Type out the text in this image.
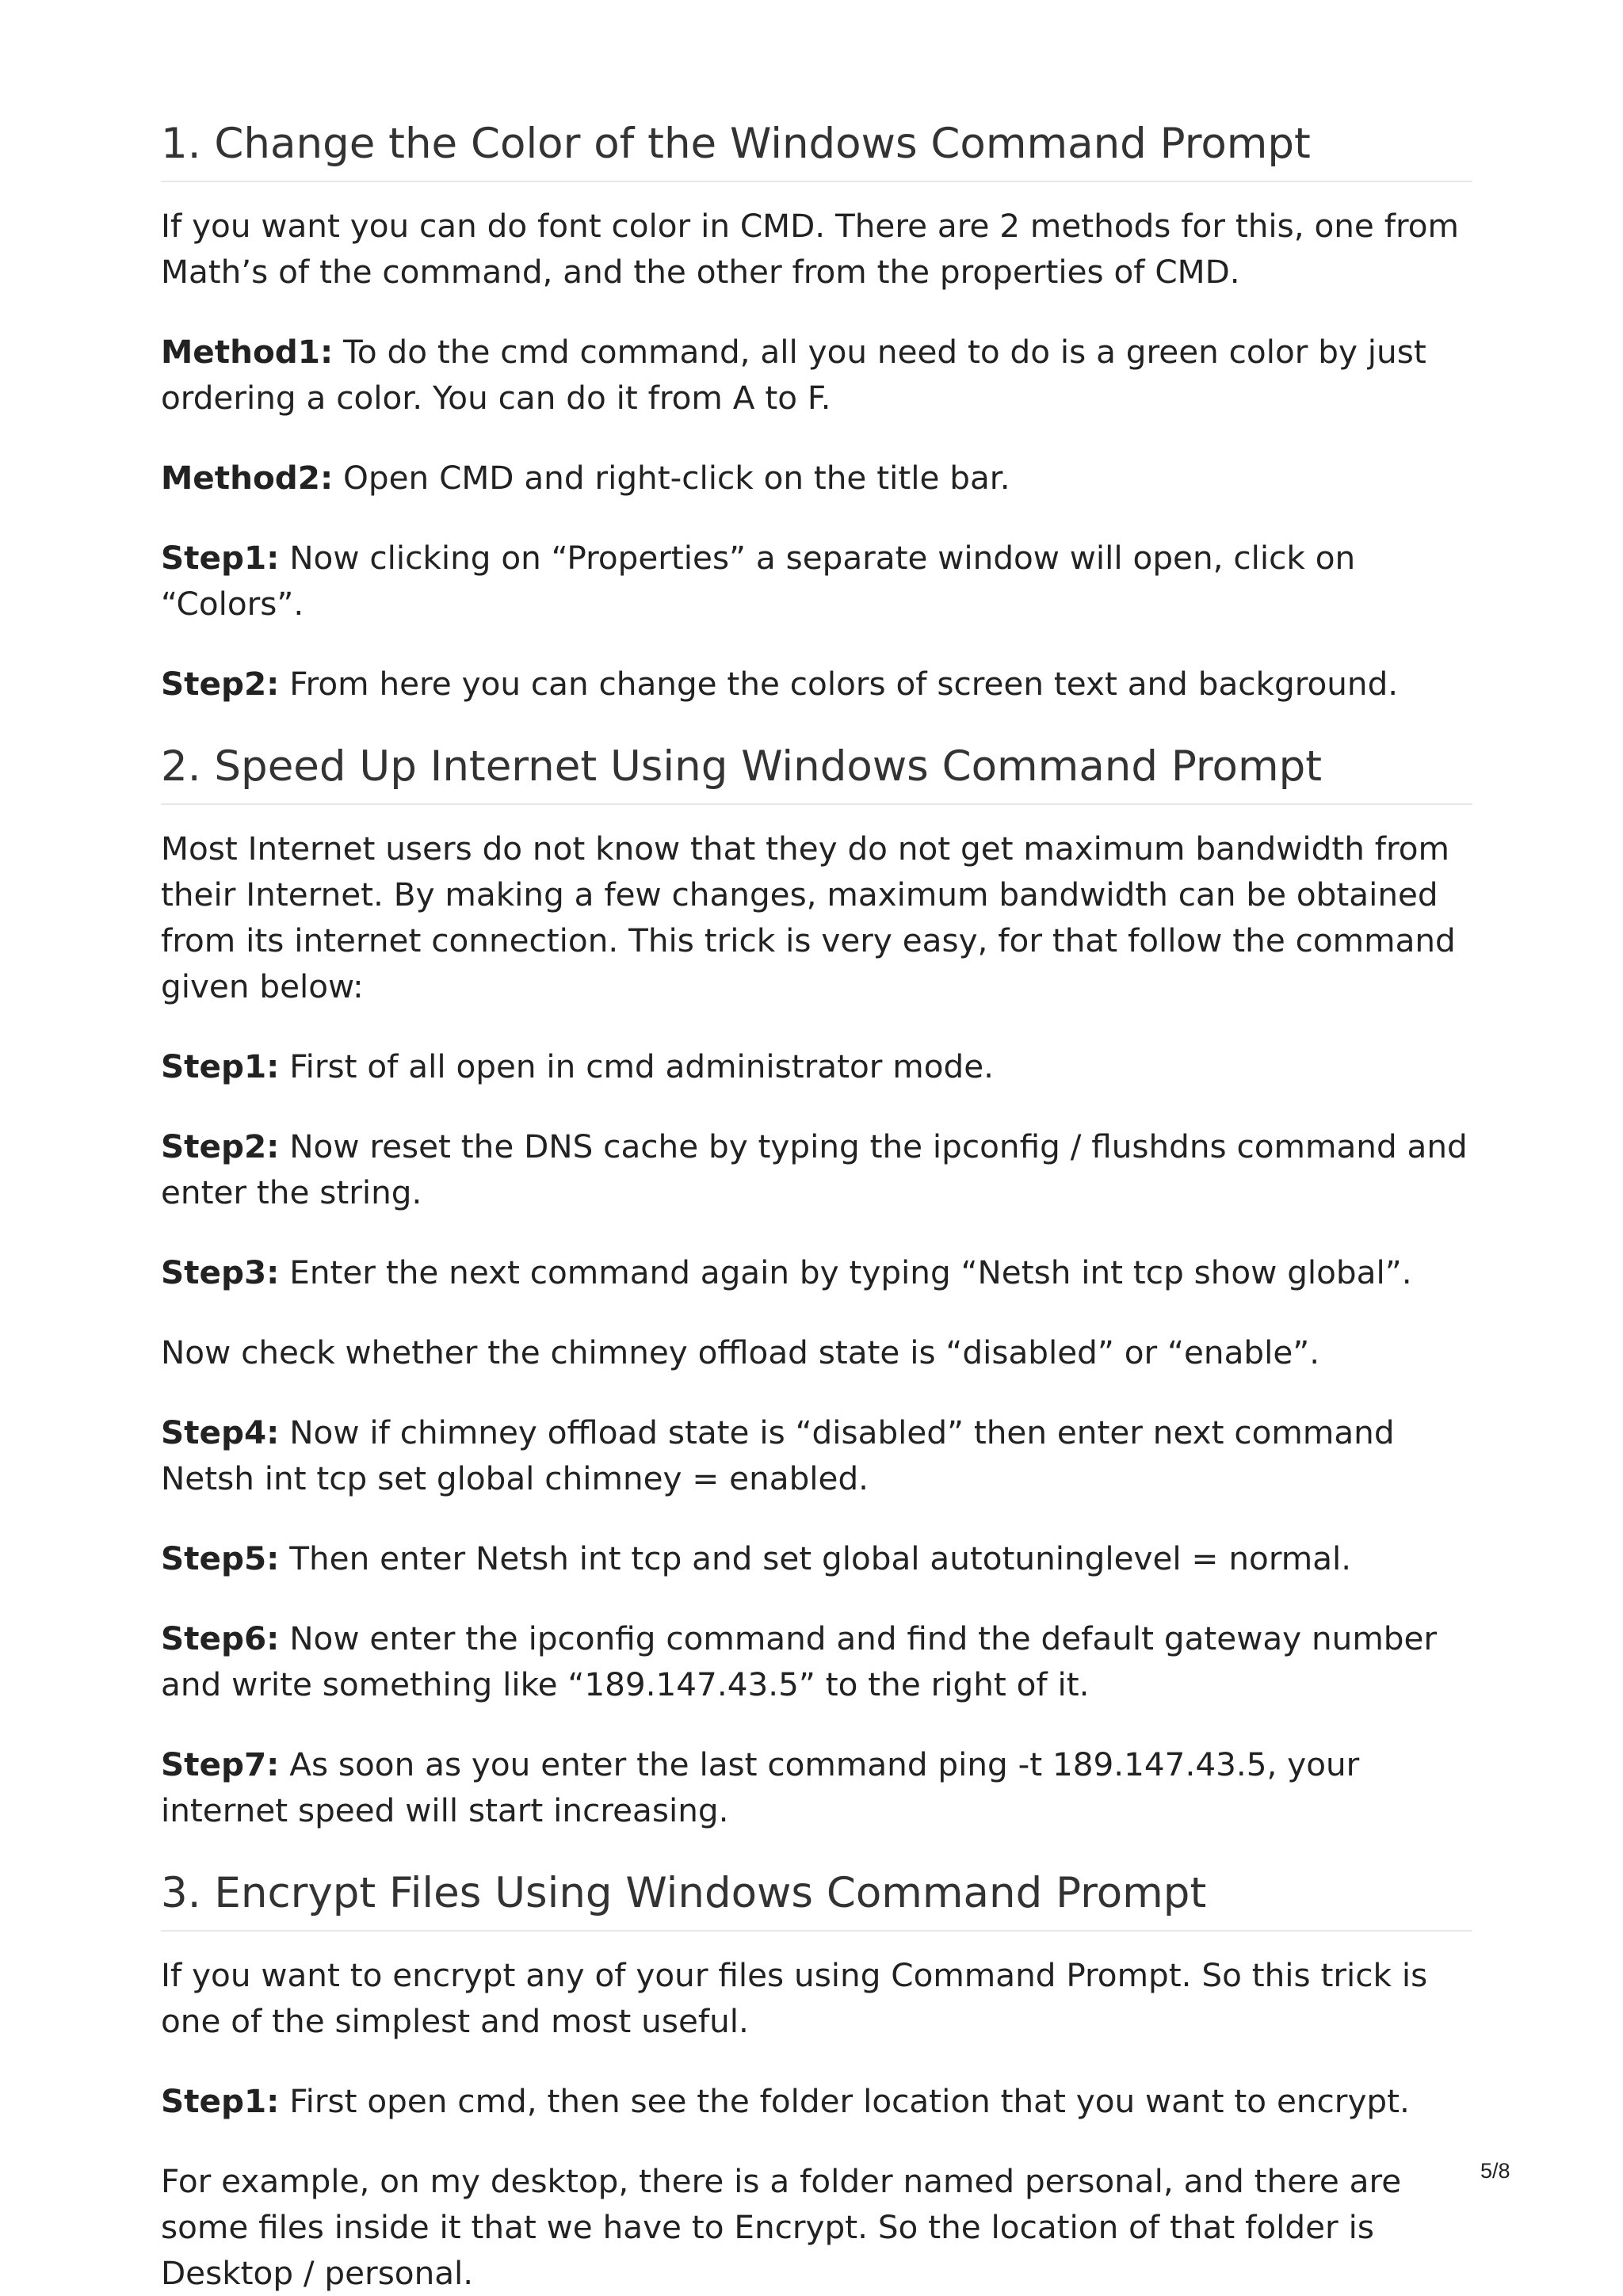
1. Change the Color of the Windows Command Prompt

If you want you can do font color in CMD. There are 2 methods for this, one from Math’s of the command, and the other from the properties of CMD.

Method1: To do the cmd command, all you need to do is a green color by just ordering a color. You can do it from A to F.

Method2: Open CMD and right-click on the title bar.

Step1: Now clicking on “Properties” a separate window will open, click on “Colors”.

Step2: From here you can change the colors of screen text and background.

2. Speed Up Internet Using Windows Command Prompt

Most Internet users do not know that they do not get maximum bandwidth from their Internet. By making a few changes, maximum bandwidth can be obtained from its internet connection. This trick is very easy, for that follow the command given below:

Step1: First of all open in cmd administrator mode.

Step2: Now reset the DNS cache by typing the ipconfig / flushdns command and enter the string.

Step3: Enter the next command again by typing “Netsh int tcp show global”.

Now check whether the chimney offload state is “disabled” or “enable”.

Step4: Now if chimney offload state is “disabled” then enter next command Netsh int tcp set global chimney = enabled.

Step5: Then enter Netsh int tcp and set global autotuninglevel = normal.

Step6: Now enter the ipconfig command and find the default gateway number and write something like “189.147.43.5” to the right of it.

Step7: As soon as you enter the last command ping -t 189.147.43.5, your internet speed will start increasing.

3. Encrypt Files Using Windows Command Prompt

If you want to encrypt any of your files using Command Prompt. So this trick is one of the simplest and most useful.

Step1: First open cmd, then see the folder location that you want to encrypt.

For example, on my desktop, there is a folder named personal, and there are some files inside it that we have to Encrypt. So the location of that folder is Desktop / personal.

5/8
